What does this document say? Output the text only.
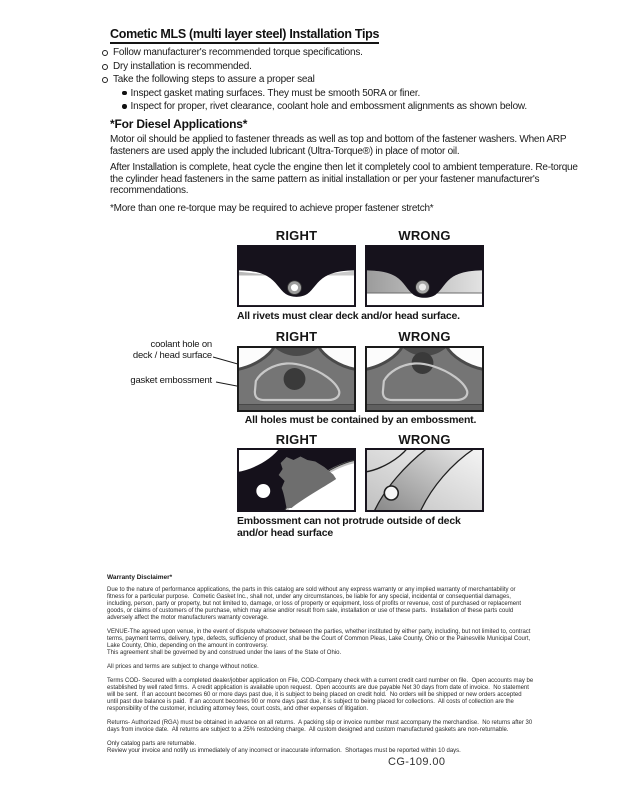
Cometic MLS (multi layer steel) Installation Tips
Follow manufacturer's recommended torque specifications.
Dry installation is recommended.
Take the following steps to assure a proper seal
Inspect gasket mating surfaces. They must be smooth 50RA or finer.
Inspect for proper, rivet clearance, coolant hole and embossment alignments as shown below.
*For Diesel Applications*
Motor oil should be applied to fastener threads as well as top and bottom of the fastener washers. When ARP fasteners are used apply the included lubricant (Ultra-Torque®) in place of motor oil.
After Installation is complete, heat cycle the engine then let it completely cool to ambient temperature. Re-torque the cylinder head fasteners in the same pattern as initial installation or per your fastener manufacturer's recommendations.
*More than one re-torque may be required to achieve proper fastener stretch*
RIGHT	WRONG
All rivets must clear deck and/or head surface.
RIGHT	WRONG
coolant hole on
deck / head surface
gasket embossment
All holes must be contained by an embossment.
RIGHT	WRONG
Embossment can not protrude outside of deck and/or head surface
Warranty Disclaimer*
Due to the nature of performance applications, the parts in this catalog are sold without any express warranty or any implied warranty of merchantability or fitness for a particular purpose.  Cometic Gasket Inc., shall not, under any circumstances, be liable for any special, incidental or consequential damages, including, person, party or property, but not limited to, damage, or loss of property or equipment, loss of profits or revenue, cost of purchased or replacement goods, or claims of customers of the purchase, which may arise and/or result from sale, installation or use of these parts.  Installation of these parts could adversely affect the motor manufacturers warranty coverage.
VENUE-The agreed upon venue, in the event of dispute whatsoever between the parties, whether instituted by either party, including, but not limited to, contract terms, payment terms, delivery, type, defects, sufficiency of product, shall be the Court of Common Pleas, Lake County, Ohio or the Painesville Municipal Court, Lake County, Ohio, depending on the amount in controversy.
This agreement shall be governed by and construed under the laws of the State of Ohio.
All prices and terms are subject to change without notice.
Terms COD- Secured with a completed dealer/jobber application on File, COD-Company check with a current credit card number on file.  Open accounts may be established by well rated firms.  A credit application is available upon request.  Open accounts are due payable Net 30 days from date of invoice.  No statement will be sent.  If an account becomes 60 or more days past due, it is subject to being placed on credit hold.  No orders will be shipped or new orders accepted until past due balance is paid.  If an account becomes 90 or more days past due, it is subject to being placed for collections.  All costs of collection are the responsibility of the customer, including attorney fees, court costs, and other expenses of litigation.
Returns- Authorized (RGA) must be obtained in advance on all returns.  A packing slip or invoice number must accompany the merchandise.  No returns after 30 days from invoice date.  All returns are subject to a 25% restocking charge.  All custom designed and custom manufactured gaskets are non-returnable.
Only catalog parts are returnable.
Review your invoice and notify us immediately of any incorrect or inaccurate information.  Shortages must be reported within 10 days.
CG-109.00
